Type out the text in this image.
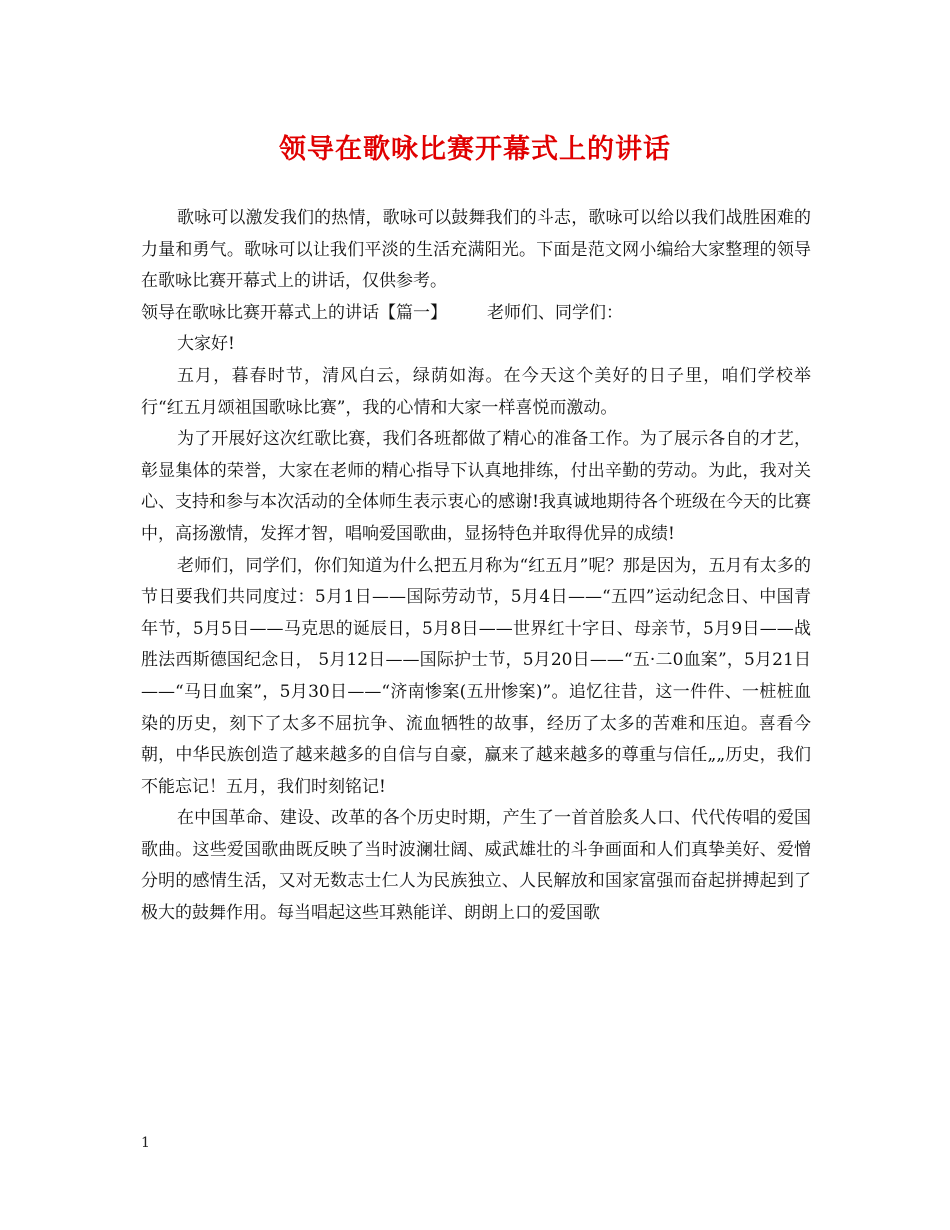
领导在歌咏比赛开幕式上的讲话

歌咏可以激发我们的热情，歌咏可以鼓舞我们的斗志，歌咏可以给以我们战胜困难的力量和勇气。歌咏可以让我们平淡的生活充满阳光。下面是范文网小编给大家整理的领导在歌咏比赛开幕式上的讲话，仅供参考。

领导在歌咏比赛开幕式上的讲话【篇一】 老师们、同学们：

大家好!

五月，暮春时节，清风白云，绿荫如海。在今天这个美好的日子里，咱们学校举行“红五月颂祖国歌咏比赛”，我的心情和大家一样喜悦而激动。

为了开展好这次红歌比赛，我们各班都做了精心的准备工作。为了展示各自的才艺，彰显集体的荣誉，大家在老师的精心指导下认真地排练，付出辛勤的劳动。为此，我对关心、支持和参与本次活动的全体师生表示衷心的感谢!我真诚地期待各个班级在今天的比赛中，高扬激情，发挥才智，唱响爱国歌曲，显扬特色并取得优异的成绩!

老师们，同学们，你们知道为什么把五月称为“红五月”呢？那是因为，五月有太多的节日要我们共同度过：5月1日——国际劳动节，5月4日——“五四”运动纪念日、中国青年节，5月5日——马克思的诞辰日，5月8日——世界红十字日、母亲节，5月9日——战胜法西斯德国纪念日， 5月12日——国际护士节，5月20日——“五·二0血案”，5月21日——“马日血案”，5月30日——“济南惨案(五卅惨案)”。追忆往昔，这一件件、一桩桩血染的历史，刻下了太多不屈抗争、流血牺牲的故事，经历了太多的苦难和压迫。喜看今朝，中华民族创造了越来越多的自信与自豪，赢来了越来越多的尊重与信任„„历史，我们不能忘记！五月，我们时刻铭记!

在中国革命、建设、改革的各个历史时期，产生了一首首脍炙人口、代代传唱的爱国歌曲。这些爱国歌曲既反映了当时波澜壮阔、威武雄壮的斗争画面和人们真挚美好、爱憎分明的感情生活，又对无数志士仁人为民族独立、人民解放和国家富强而奋起拼搏起到了极大的鼓舞作用。每当唱起这些耳熟能详、朗朗上口的爱国歌

1
